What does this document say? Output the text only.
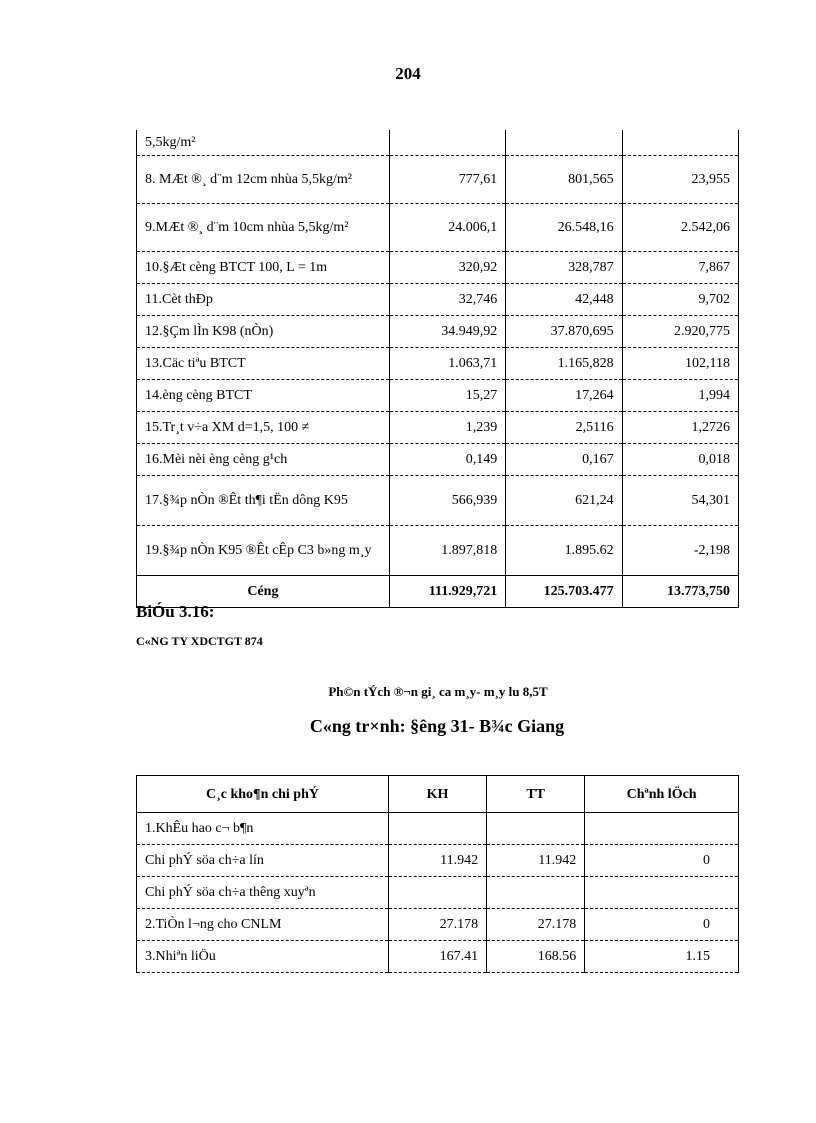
204
5,5kg/m²			
8. MÆt ®¸ d¨m 12cm nhùa 5,5kg/m²	777,61	801,565	23,955
9.MÆt ®¸ d¨m 10cm nhùa 5,5kg/m²	24.006,1	26.548,16	2.542,06
10.§Æt cèng BTCT 100, L = 1m	320,92	328,787	7,867
11.Cèt thÐp	32,746	42,448	9,702
12.§Çm lÌn K98 (nÒn)	34.949,92	37.870,695	2.920,775
13.Cäc tiªu BTCT	1.063,71	1.165,828	102,118
14.èng cèng BTCT	15,27	17,264	1,994
15.Tr¸t v÷a XM d=1,5, 100 ≠	1,239	2,5116	1,2726
16.Mèi nèi èng cèng g¹ch	0,149	0,167	0,018
17.§¾p nÒn ®Êt th¶i tËn dông K95	566,939	621,24	54,301
19.§¾p nÒn K95 ®Êt cÊp C3 b»ng m¸y	1.897,818	1.895.62	-2,198
Céng	111.929,721	125.703.477	13.773,750
BiÓu 3.16:
C«NG TY XDCTGT 874
Ph©n tÝch ®¬n gi¸ ca m¸y- m¸y lu 8,5T
C«ng tr×nh: §êng 31- B¾c Giang
C¸c kho¶n chi phÝ	KH	TT	Chªnh lÖch
1.KhÊu hao c¬ b¶n			
Chi phÝ söa ch÷a lín	11.942	11.942	0
Chi phÝ söa ch÷a thêng xuyªn			
2.TiÒn l¬ng cho CNLM	27.178	27.178	0
3.Nhiªn liÖu	167.41	168.56	1.15
